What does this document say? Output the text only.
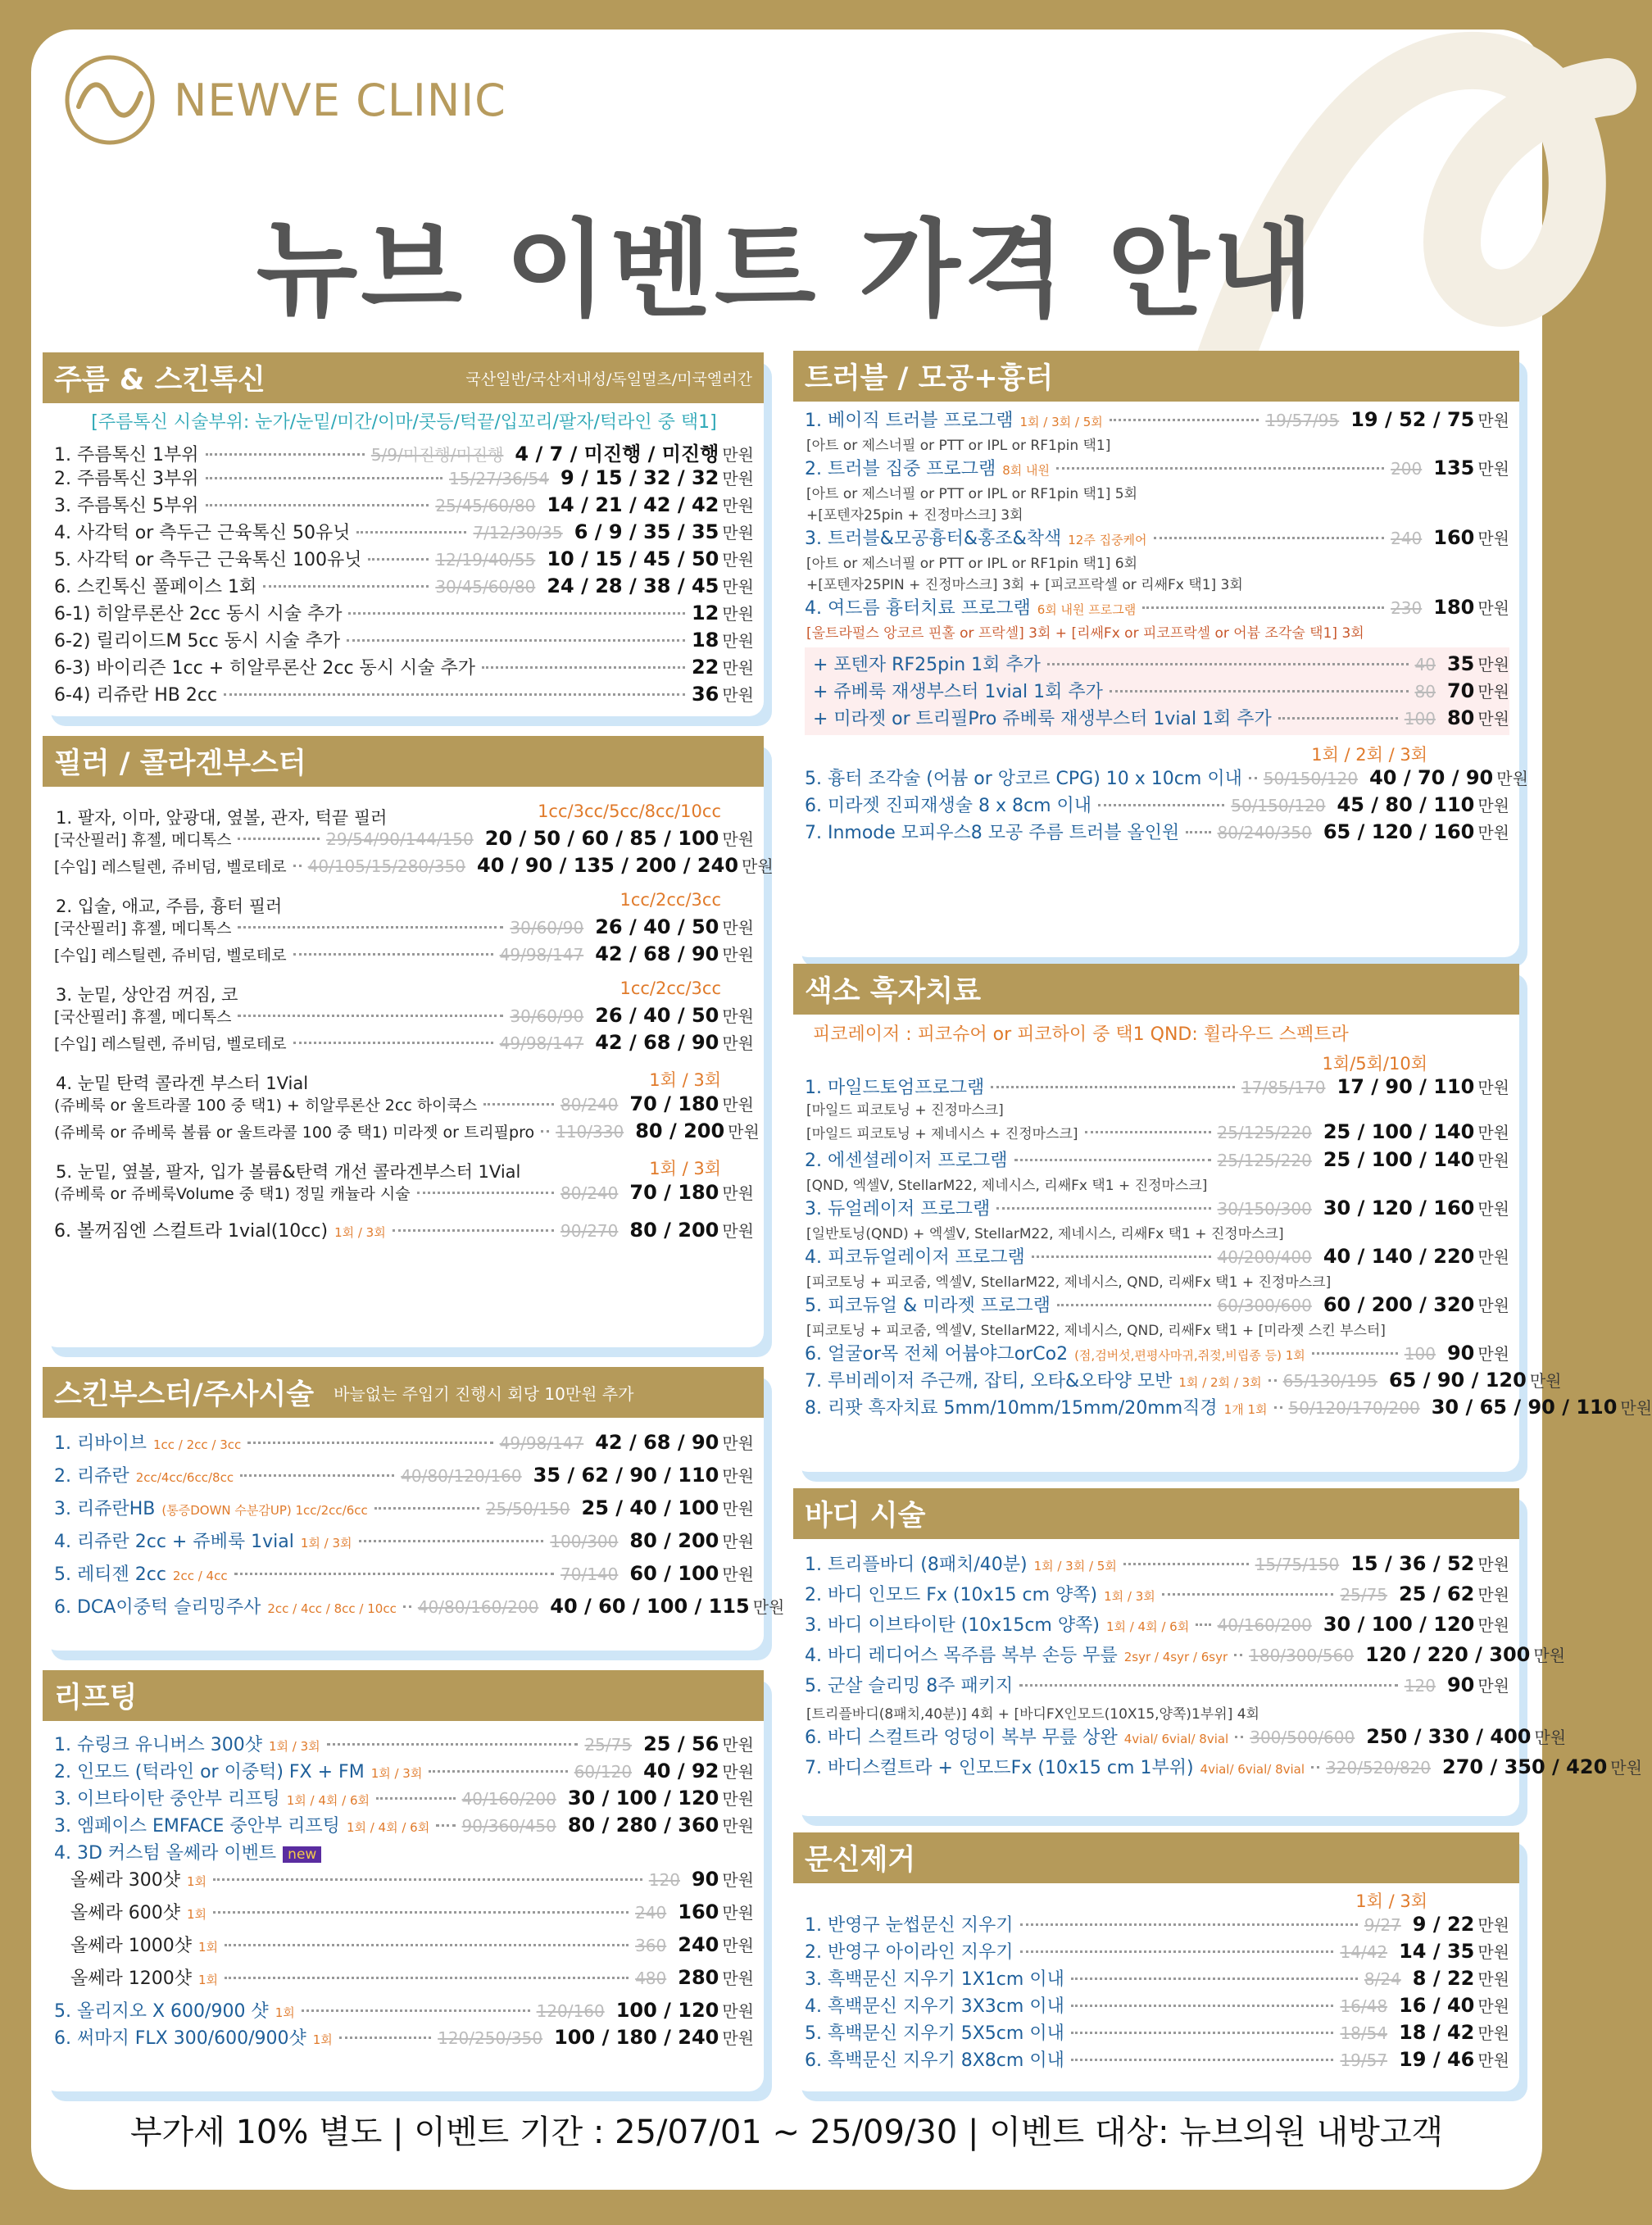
NEWVE CLINIC
뉴브 이벤트 가격 안내
주름 & 스킨톡신	국산일반/국산저내성/독일멀츠/미국엘러간
[주름톡신 시술부위: 눈가/눈밑/미간/이마/콧등/턱끝/입꼬리/팔자/턱라인 중 택1]
1. 주름톡신 1부위	5/9/미진행/미진행 4 / 7 / 미진행 / 미진행 만원
2. 주름톡신 3부위	15/27/36/54 9 / 15 / 32 / 32 만원
3. 주름톡신 5부위	25/45/60/80 14 / 21 / 42 / 42 만원
4. 사각턱 or 측두근 근육톡신 50유닛	7/12/30/35 6 / 9 / 35 / 35 만원
5. 사각턱 or 측두근 근육톡신 100유닛	12/19/40/55 10 / 15 / 45 / 50 만원
6. 스킨톡신 풀페이스 1회	30/45/60/80 24 / 28 / 38 / 45 만원
6-1) 히알루론산 2cc 동시 시술 추가	12 만원
6-2) 릴리이드M 5cc 동시 시술 추가	18 만원
6-3) 바이리즌 1cc + 히알루론산 2cc 동시 시술 추가	22 만원
6-4) 리쥬란 HB 2cc	36 만원
필러 / 콜라겐부스터
1cc/3cc/5cc/8cc/10cc
1. 팔자, 이마, 앞광대, 옆볼, 관자, 턱끝 필러
[국산필러] 휴젤, 메디톡스	29/54/90/144/150 20 / 50 / 60 / 85 / 100 만원
[수입] 레스틸렌, 쥬비덤, 벨로테로 40/105/15/280/350 40 / 90 / 135 / 200 / 240 만원
1cc/2cc/3cc
2. 입술, 애교, 주름, 흉터 필러
[국산필러] 휴젤, 메디톡스	30/60/90 26 / 40 / 50 만원
[수입] 레스틸렌, 쥬비덤, 벨로테로	49/98/147 42 / 68 / 90 만원
1cc/2cc/3cc
3. 눈밑, 상안검 꺼짐, 코
[국산필러] 휴젤, 메디톡스	30/60/90 26 / 40 / 50 만원
[수입] 레스틸렌, 쥬비덤, 벨로테로	49/98/147 42 / 68 / 90 만원
1회 / 3회
4. 눈밑 탄력 콜라겐 부스터 1Vial
(쥬베룩 or 울트라콜 100 중 택1) + 히알루론산 2cc 하이쿡스	80/240 70 / 180 만원
(쥬베룩 or 쥬베룩 볼륨 or 울트라콜 100 중 택1) 미라젯 or 트리필pro 110/330 80 / 200 만원
1회 / 3회
5. 눈밑, 옆볼, 팔자, 입가 볼륨&탄력 개선 콜라겐부스터 1Vial
(쥬베룩 or 쥬베룩Volume 중 택1) 정밀 캐뉼라 시술	80/240 70 / 180 만원
6. 볼꺼짐엔 스컬트라 1vial(10cc) 1회 / 3회	90/270 80 / 200 만원
스킨부스터/주사시술 바늘없는 주입기 진행시 회당 10만원 추가
1. 리바이브 1cc / 2cc / 3cc	49/98/147 42 / 68 / 90 만원
2. 리쥬란 2cc/4cc/6cc/8cc	40/80/120/160 35 / 62 / 90 / 110 만원
3. 리쥬란HB (통증DOWN 수분감UP) 1cc/2cc/6cc	25/50/150 25 / 40 / 100 만원
4. 리쥬란 2cc + 쥬베룩 1vial 1회 / 3회	100/300 80 / 200 만원
5. 레티젠 2cc 2cc / 4cc	70/140 60 / 100 만원
6. DCA이중턱 슬리밍주사 2cc / 4cc / 8cc / 10cc 40/80/160/200 40 / 60 / 100 / 115 만원
리프팅
1. 슈링크 유니버스 300샷 1회 / 3회	25/75 25 / 56 만원
2. 인모드 (턱라인 or 이중턱) FX + FM 1회 / 3회	60/120 40 / 92 만원
3. 이브타이탄 중안부 리프팅 1회 / 4회 / 6회	40/160/200 30 / 100 / 120 만원
3. 엠페이스 EMFACE 중안부 리프팅 1회 / 4회 / 6회 90/360/450 80 / 280 / 360 만원
4. 3D 커스텀 올쎄라 이벤트 new
올쎄라 300샷 1회	120 90 만원
올쎄라 600샷 1회	240 160 만원
올쎄라 1000샷 1회	360 240 만원
올쎄라 1200샷 1회	480 280 만원
5. 올리지오 X 600/900 샷 1회	120/160 100 / 120 만원
6. 써마지 FLX 300/600/900샷 1회	120/250/350 100 / 180 / 240 만원
트러블 / 모공+흉터
1. 베이직 트러블 프로그램 1회 / 3회 / 5회	19/57/95 19 / 52 / 75 만원
[아트 or 제스너필 or PTT or IPL or RF1pin 택1]
2. 트러블 집중 프로그램 8회 내원	200 135 만원
[아트 or 제스너필 or PTT or IPL or RF1pin 택1] 5회
+[포텐자25pin + 진정마스크] 3회
3. 트러블&모공흉터&홍조&착색 12주 집중케어	240 160 만원
[아트 or 제스너필 or PTT or IPL or RF1pin 택1] 6회
+[포텐자25PIN + 진정마스크] 3회 + [피코프락셀 or 리쌔Fx 택1] 3회
4. 여드름 흉터치료 프로그램 6회 내원 프로그램	230 180 만원
[울트라펄스 앙코르 핀홀 or 프락셀] 3회 + [리쌔Fx or 피코프락셀 or 어븀 조각술 택1] 3회
+ 포텐자 RF25pin 1회 추가	40 35 만원
+ 쥬베룩 재생부스터 1vial 1회 추가	80 70 만원
+ 미라젯 or 트리필Pro 쥬베룩 재생부스터 1vial 1회 추가	100 80 만원
1회 / 2회 / 3회
5. 흉터 조각술 (어븀 or 앙코르 CPG) 10 x 10cm 이내 50/150/120 40 / 70 / 90 만원
6. 미라젯 진피재생술 8 x 8cm 이내	50/150/120 45 / 80 / 110 만원
7. Inmode 모피우스8 모공 주름 트러블 올인원 80/240/350 65 / 120 / 160 만원
색소 흑자치료
피코레이저 : 피코슈어 or 피코하이 중 택1 QND: 휠라우드 스펙트라
1회/5회/10회
1. 마일드토엄프로그램	17/85/170 17 / 90 / 110 만원
[마일드 피코토닝 + 진정마스크]
[마일드 피코토닝 + 제네시스 + 진정마스크]	25/125/220 25 / 100 / 140 만원
2. 에센셜레이저 프로그램	25/125/220 25 / 100 / 140 만원
[QND, 엑셀V, StellarM22, 제네시스, 리쌔Fx 택1 + 진정마스크]
3. 듀얼레이저 프로그램	30/150/300 30 / 120 / 160 만원
[일반토닝(QND) + 엑셀V, StellarM22, 제네시스, 리쌔Fx 택1 + 진정마스크]
4. 피코듀얼레이저 프로그램	40/200/400 40 / 140 / 220 만원
[피코토닝 + 피코줌, 엑셀V, StellarM22, 제네시스, QND, 리쌔Fx 택1 + 진정마스크]
5. 피코듀얼 & 미라젯 프로그램	60/300/600 60 / 200 / 320 만원
[피코토닝 + 피코줌, 엑셀V, StellarM22, 제네시스, QND, 리쌔Fx 택1 + [미라젯 스킨 부스터]
6. 얼굴or목 전체 어븀야그orCo2 (점,검버섯,편평사마귀,쥐젖,비립종 등) 1회	100 90 만원
7. 루비레이저 주근깨, 잡티, 오타&오타양 모반 1회 / 2회 / 3회 65/130/195 65 / 90 / 120 만원
8. 리팟 흑자치료 5mm/10mm/15mm/20mm직경 1개 1회 50/120/170/200 30 / 65 / 90 / 110 만원
바디 시술
1. 트리플바디 (8패치/40분) 1회 / 3회 / 5회	15/75/150 15 / 36 / 52 만원
2. 바디 인모드 Fx (10x15 cm 양쪽) 1회 / 3회	25/75 25 / 62 만원
3. 바디 이브타이탄 (10x15cm 양쪽) 1회 / 4회 / 6회 40/160/200 30 / 100 / 120 만원
4. 바디 레디어스 목주름 복부 손등 무릎 2syr / 4syr / 6syr 180/300/560 120 / 220 / 300 만원
5. 군살 슬리밍 8주 패키지	120 90 만원
[트리플바디(8패치,40분)] 4회 + [바디FX인모드(10X15,양쪽)1부위] 4회
6. 바디 스컬트라 엉덩이 복부 무릎 상완 4vial/ 6vial/ 8vial 300/500/600 250 / 330 / 400 만원
7. 바디스컬트라 + 인모드Fx (10x15 cm 1부위) 4vial/ 6vial/ 8vial 320/520/820 270 / 350 / 420 만원
문신제거
1회 / 3회
1. 반영구 눈썹문신 지우기	9/27 9 / 22 만원
2. 반영구 아이라인 지우기	14/42 14 / 35 만원
3. 흑백문신 지우기 1X1cm 이내	8/24 8 / 22 만원
4. 흑백문신 지우기 3X3cm 이내	16/48 16 / 40 만원
5. 흑백문신 지우기 5X5cm 이내	18/54 18 / 42 만원
6. 흑백문신 지우기 8X8cm 이내	19/57 19 / 46 만원
부가세 10% 별도 | 이벤트 기간 : 25/07/01 ~ 25/09/30 | 이벤트 대상: 뉴브의원 내방고객
